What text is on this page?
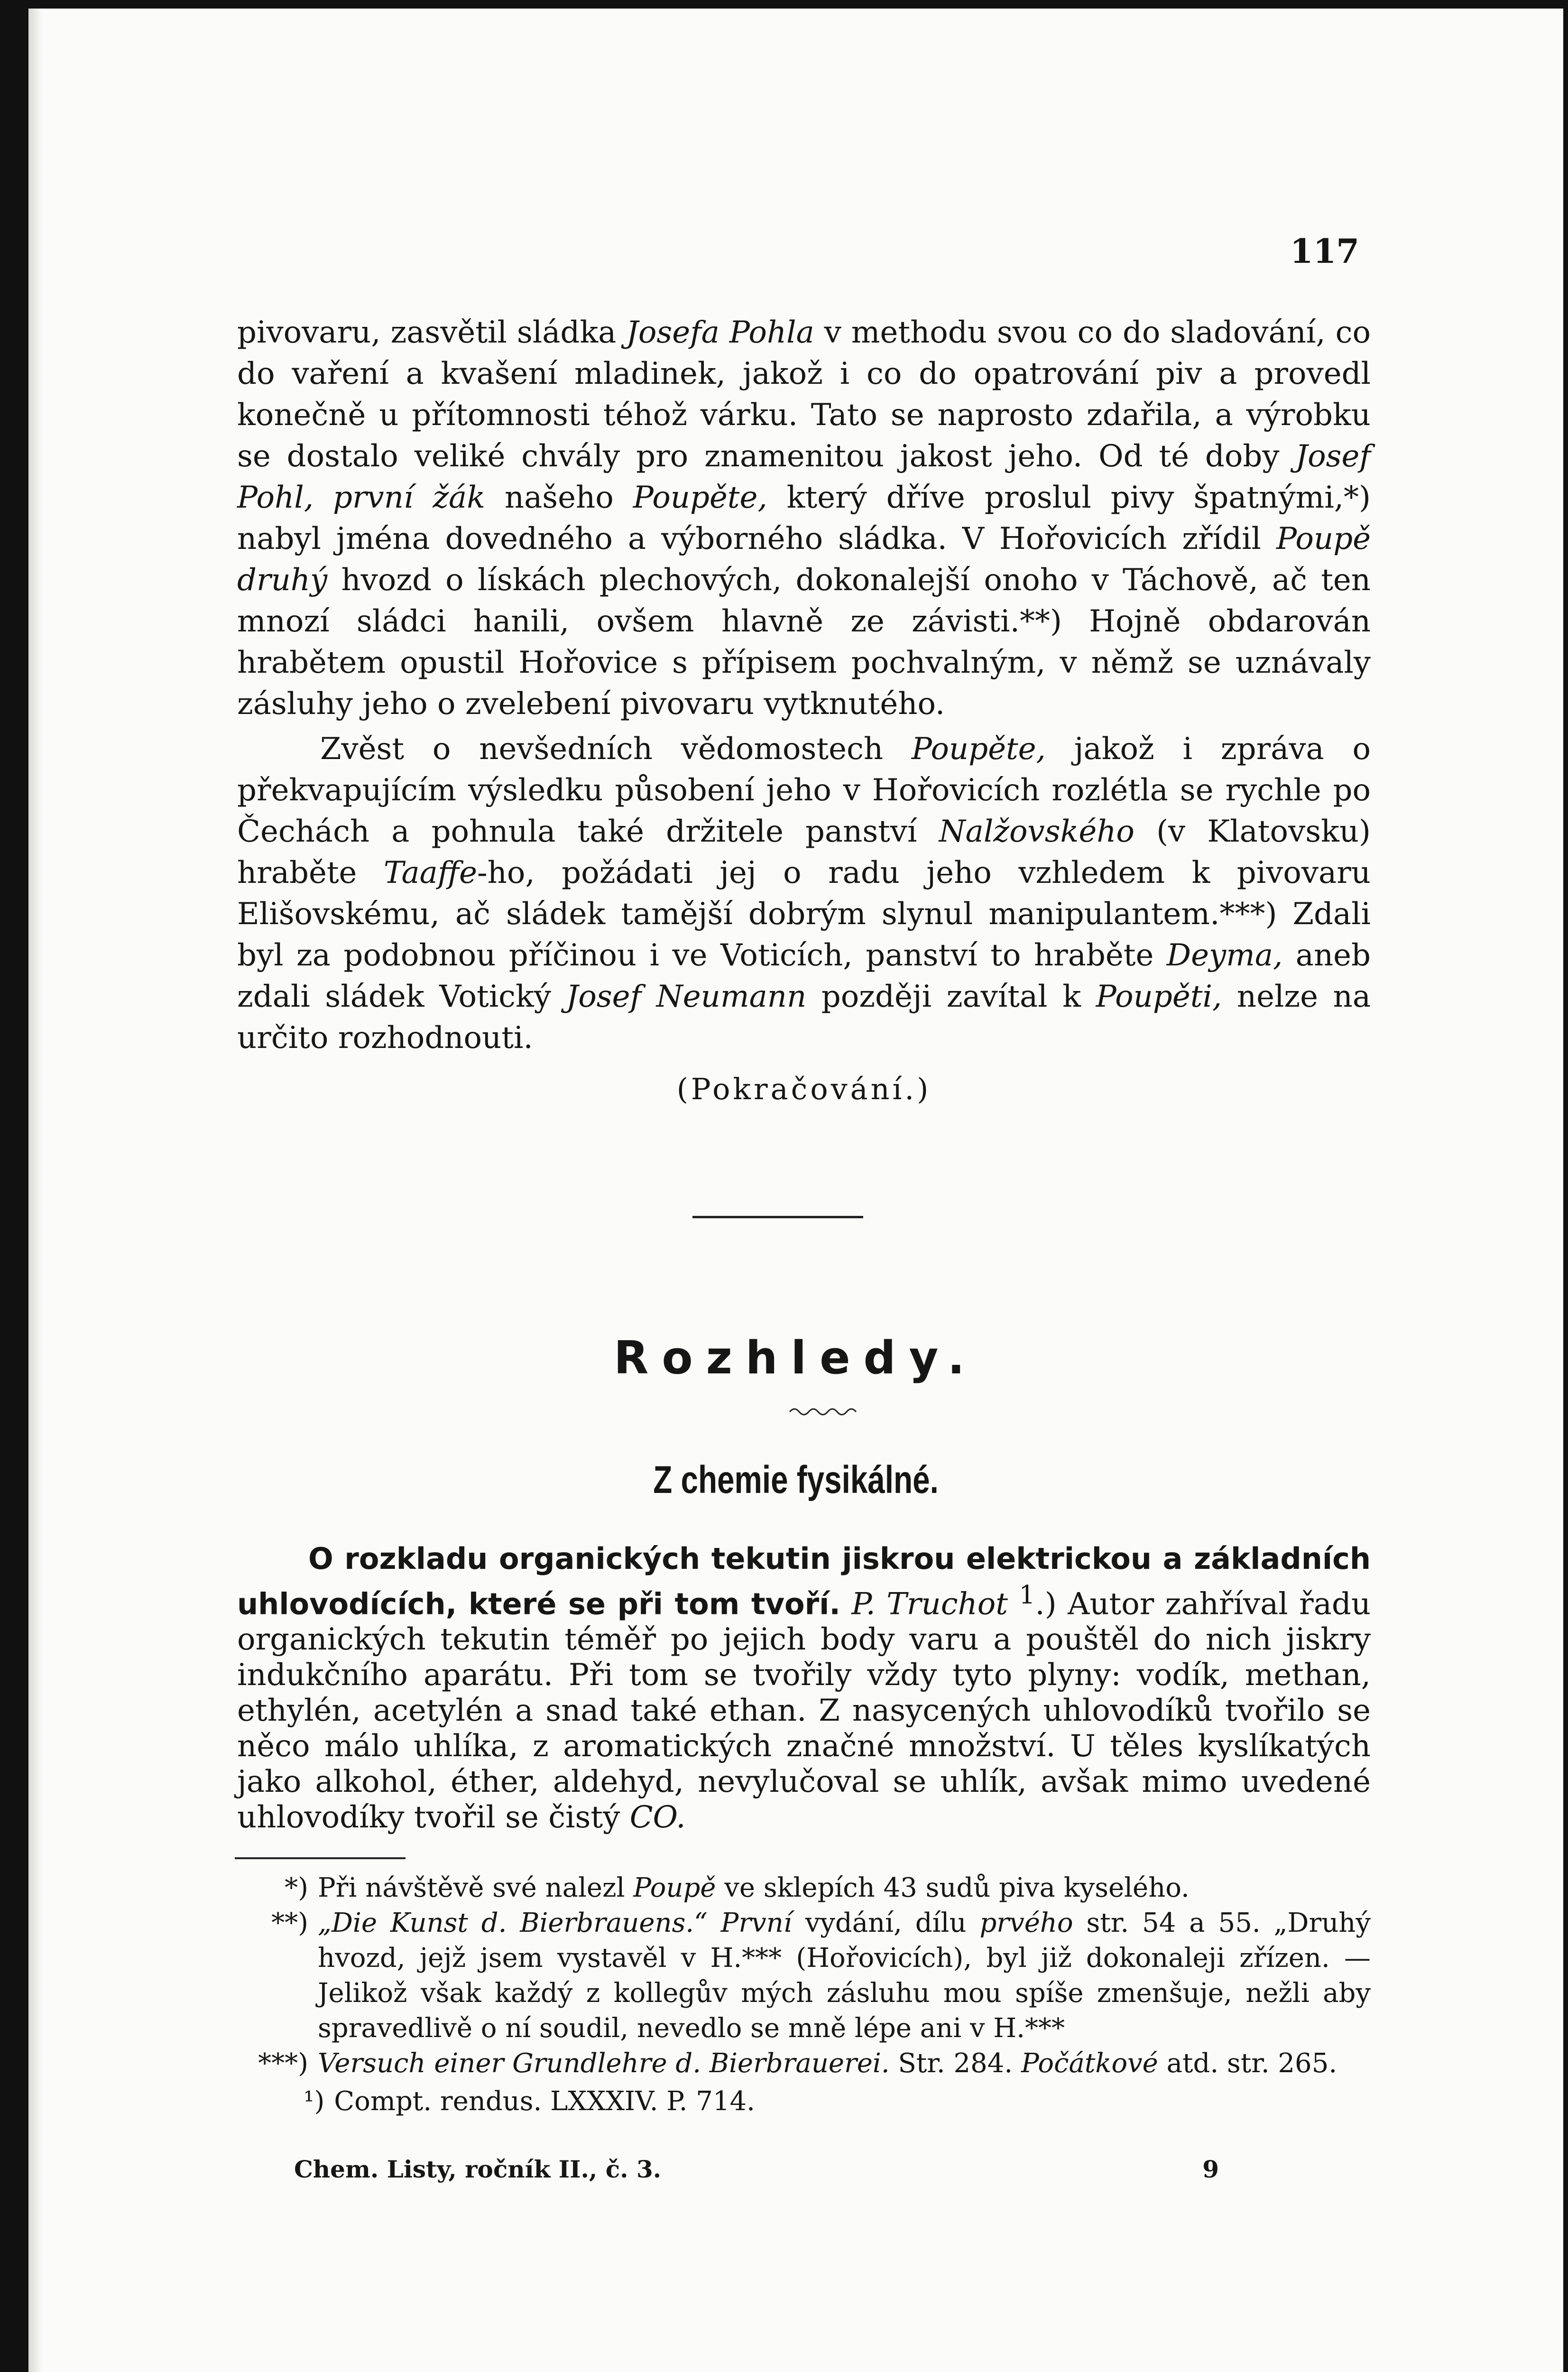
117

pivovaru, zasvětil sládka Josefa Pohla v methodu svou co do sladování, co do vaření a kvašení mladinek, jakož i co do opatrování piv a provedl konečně u přítomnosti téhož várku. Tato se naprosto zdařila, a výrobku se dostalo veliké chvály pro znamenitou jakost jeho. Od té doby Josef Pohl, první žák našeho Poupěte, který dříve proslul pivy špatnými,*) nabyl jména dovedného a výborného sládka. V Hořovicích zřídil Poupě druhý hvozd o lískách plechových, dokonalejší onoho v Táchově, ač ten mnozí sládci hanili, ovšem hlavně ze závisti.**) Hojně obdarován hrabětem opustil Hořovice s přípisem pochvalným, v němž se uznávaly zásluhy jeho o zvelebení pivovaru vytknutého.

Zvěst o nevšedních vědomostech Poupěte, jakož i zpráva o překvapujícím výsledku působení jeho v Hořovicích rozlétla se rychle po Čechách a pohnula také držitele panství Nalžovského (v Klatovsku) hraběte Taaffe-ho, požádati jej o radu jeho vzhledem k pivovaru Elišovskému, ač sládek tamější dobrým slynul manipulantem.***) Zdali byl za podobnou příčinou i ve Voticích, panství to hraběte Deyma, aneb zdali sládek Votický Josef Neumann později zavítal k Poupěti, nelze na určito rozhodnouti.

(Pokračování.)
Rozhledy.
Z chemie fysikálné.
O rozkladu organických tekutin jiskrou elektrickou a základních uhlovodících, které se při tom tvoří. P. Truchot $^1$.) Autor zahříval řadu organických tekutin téměř po jejich body varu a pouštěl do nich jiskry indukčního aparátu. Při tom se tvořily vždy tyto plyny: vodík, methan, ethylén, acetylén a snad také ethan. Z nasycených uhlovodíků tvořilo se něco málo uhlíka, z aromatických značné množství. U těles kyslíkatých jako alkohol, éther, aldehyd, nevylučoval se uhlík, avšak mimo uvedené uhlovodíky tvořil se čistý CO.
*) Při návštěvě své nalezl Poupě ve sklepích 43 sudů piva kyselého.
**) „Die Kunst d. Bierbrauens.“ První vydání, dílu prvého str. 54 a 55. „Druhý hvozd, jejž jsem vystavěl v H.*** (Hořovicích), byl již dokonaleji zřízen. — Jelikož však každý z kollegův mých zásluhu mou spíše zmenšuje, nežli aby spravedlivě o ní soudil, nevedlo se mně lépe ani v H.***
***) Versuch einer Grundlehre d. Bierbrauerei. Str. 284. Počátkové atd. str. 265.
¹) Compt. rendus. LXXXIV. P. 714.
Chem. Listy, ročník II., č. 3.	9
